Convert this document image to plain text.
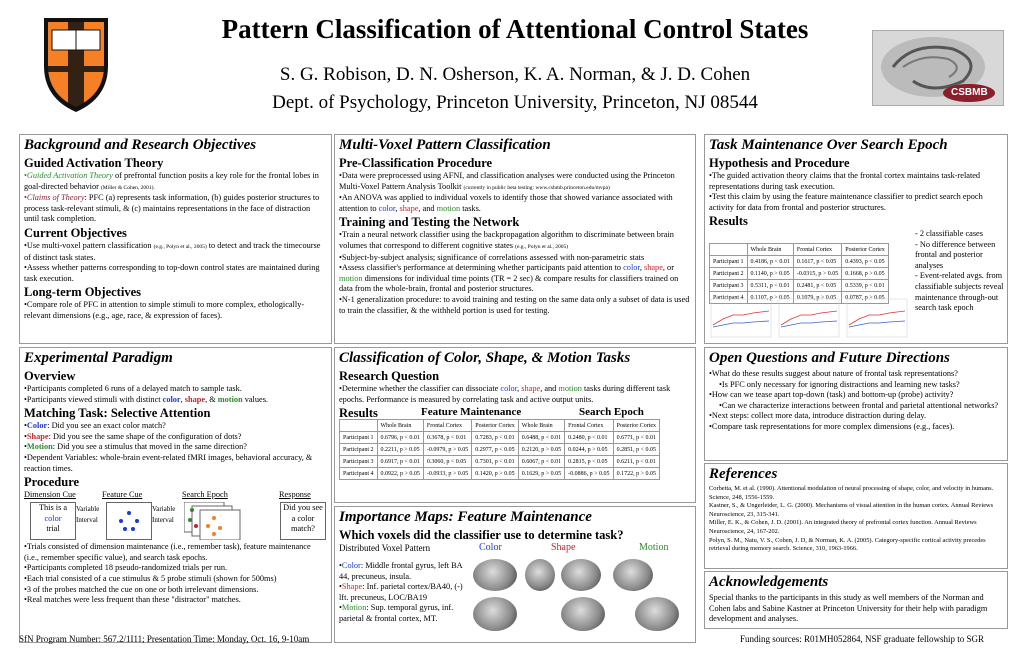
Pattern Classification of Attentional Control States
S. G. Robison, D. N. Osherson, K. A. Norman, & J. D. Cohen
Dept. of Psychology, Princeton University, Princeton, NJ 08544	CSBMB
Background and Research Objectives
Guided Activation Theory

•Guided Activation Theory of prefrontal function posits a key role for the frontal lobes in goal-directed behavior (Miller & Cohen, 2001).

•Claims of Theory: PFC (a) represents task information, (b) guides posterior structures to process task-relevant stimuli, & (c) maintains representations in the face of distraction until task completion.

Current Objectives

•Use multi-voxel pattern classification (e.g., Polyn et al., 2005) to detect and track the timecourse of distinct task states.

•Assess whether patterns corresponding to top-down control states are maintained during task execution.

Long-term Objectives

•Compare role of PFC in attention to simple stimuli to more complex, ethologically-relevant dimensions (e.g., age, race, & expression of faces).

Multi-Voxel Pattern Classification
Pre-Classification Procedure

•Data were preprocessed using AFNI, and classification analyses were conducted using the Princeton Multi-Voxel Pattern Analysis Toolkit (currently in public beta testing: www.csbmb.princeton.edu/mvpa)

•An ANOVA was applied to individual voxels to identify those that showed variance associated with attention to color, shape, and motion tasks.

Training and Testing the Network

•Train a neural network classifier using the backpropagation algorithm to discriminate between brain volumes that correspond to different cognitive states (e.g., Polyn et al., 2005)

•Subject-by-subject analysis; significance of correlations assessed with non-parametric stats

•Assess classifier's performance at determining whether participants paid attention to color, shape, or motion dimensions for individual time points (TR = 2 sec) & compare results for classifiers trained on data from the whole-brain, frontal and posterior structures.

•N-1 generalization procedure: to avoid training and testing on the same data only a subset of data is used to train the classifier, & the withheld portion is used for testing.

Task Maintenance Over Search Epoch
Hypothesis and Procedure

•The guided activation theory claims that the frontal cortex maintains task-related representations during task execution.

•Test this claim by using the feature maintenance classifier to predict search epoch activity for data from frontal and posterior structures.

Results
	Whole Brain	Frontal Cortex	Posterior Cortex
Participant 1	0.4186, p < 0.01	0.1617, p < 0.05	0.4393, p < 0.05
Participant 2	0.1140, p > 0.05	-0.0315, p > 0.05	0.1668, p > 0.05
Participant 3	0.5311, p < 0.01	0.2481, p < 0.05	0.5339, p < 0.01
Participant 4	0.1107, p > 0.05	0.1079, p > 0.05	0.0787, p > 0.05
- 2 classifiable cases
- No difference between frontal and posterior analyses
- Event-related avgs. from classifiable subjects reveal maintenance through-out search task epoch
Experimental Paradigm
Overview

•Participants completed 6 runs of a delayed match to sample task.

•Participants viewed stimuli with distinct color, shape, & motion values.

Matching Task: Selective Attention

•Color: Did you see an exact color match?

•Shape: Did you see the same shape of the configuration of dots?

•Motion: Did you see a stimulus that moved in the same direction?

•Dependent Variables: whole-brain event-related fMRI images, behavioral accuracy, & reaction times.

Procedure
Dimension Cue	Feature Cue	Search Epoch	Response
This is a
color
trial
Variable
Interval
Variable
Interval
Did you see a color match?

•Trials consisted of dimension maintenance (i.e., remember task), feature maintenance (i.e., remember specific value), and search task epochs.

•Participants completed 18 pseudo-randomized trials per run.

•Each trial consisted of a cue stimulus & 5 probe stimuli (shown for 500ms)

•3 of the probes matched the cue on one or both irrelevant dimensions.

•Real matches were less frequent than these "distractor" matches.

Classification of Color, Shape, & Motion Tasks
Research Question

•Determine whether the classifier can dissociate color, shape, and motion tasks during different task epochs. Performance is measured by correlating task and active output units.

Results	Feature Maintenance	Search Epoch
	Whole Brain	Frontal Cortex	Posterior Cortex	Whole Brain	Frontal Cortex	Posterior Cortex
Participant 1	0.6796, p < 0.01	0.3678, p < 0.01	0.7283, p < 0.01	0.6488, p < 0.01	0.2480, p < 0.01	0.6771, p < 0.01
Participant 2	0.2211, p > 0.05	-0.0979, p > 0.05	0.2977, p < 0.05	0.2120, p > 0.05	0.0244, p > 0.05	0.2851, p < 0.05
Participant 3	0.6917, p < 0.01	0.3060, p < 0.05	0.7301, p < 0.01	0.6067, p < 0.01	0.2815, p < 0.05	0.6211, p < 0.01
Participant 4	0.0922, p > 0.05	-0.0933, p > 0.05	0.1420, p > 0.05	0.1629, p > 0.05	-0.0886, p > 0.05	0.1722, p > 0.05
Importance Maps: Feature Maintenance
Which voxels did the classifier use to determine task?
Distributed Voxel Pattern	Color	Shape	Motion

•Color: Middle frontal gyrus, left BA 44, precuneus, insula.

•Shape: Inf. parietal cortex/BA40, (-) lft. precuneus, LOC/BA19

•Motion: Sup. temporal gyrus, inf. parietal & frontal cortex, MT.

Open Questions and Future Directions

•What do these results suggest about nature of frontal task representations?

•Is PFC only necessary for ignoring distractions and learning new tasks?

•How can we tease apart top-down (task) and bottom-up (probe) activity?

•Can we characterize interactions between frontal and parietal attentional networks?

•Next steps: collect more data, introduce distraction during delay.

•Compare task representations for more complex dimensions (e.g., faces).

References

Corbetta, M. et al. (1990). Attentional modulation of neural processing of shape, color, and velocity in humans. Science, 248, 1556-1559.

Kastner, S., & Ungerleider, L. G. (2000). Mechanisms of visual attention in the human cortex. Annual Reviews Neuroscience, 23, 315-341.

Miller, E. K., & Cohen, J. D. (2001). An integrated theory of prefrontal cortex function. Annual Reviews Neuroscience, 24, 167-202.

Polyn, S. M., Natu, V. S., Cohen, J. D, & Norman, K. A. (2005). Category-specific cortical activity precedes retrieval during memory search. Science, 310, 1963-1966.

Acknowledgements

Special thanks to the participants in this study as well members of the Norman and Cohen labs and Sabine Kastner at Princeton University for their help with paradigm development and analyses.

SfN Program Number: 567.2/1I11; Presentation Time: Monday, Oct. 16, 9-10am	Funding sources: R01MH052864, NSF graduate fellowship to SGR
